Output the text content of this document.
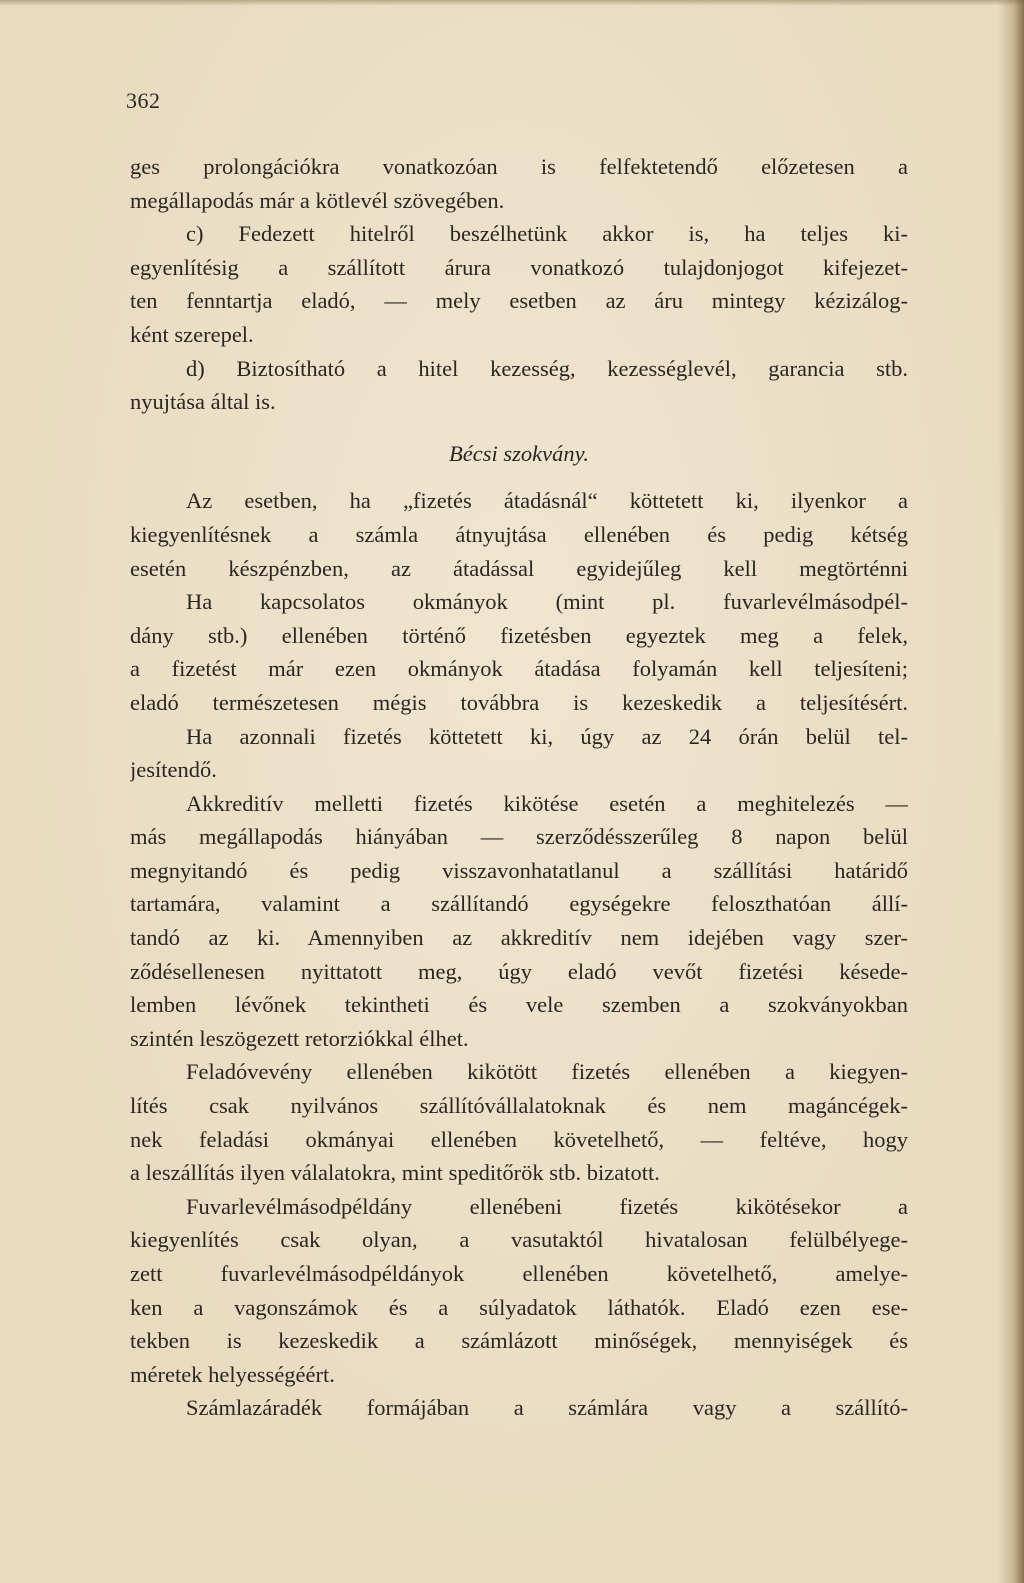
362
ges prolongációkra vonatkozóan is felfektetendő előzetesen a
megállapodás már a kötlevél szövegében.
c) Fedezett hitelről beszélhetünk akkor is, ha teljes ki-
egyenlítésig a szállított árura vonatkozó tulajdonjogot kifejezet-
ten fenntartja eladó, — mely esetben az áru mintegy kézizálog-
ként szerepel.
d) Biztosítható a hitel kezesség, kezességlevél, garancia stb.
nyujtása által is.
Bécsi szokvány.
Az esetben, ha „fizetés átadásnál“ köttetett ki, ilyenkor a
kiegyenlítésnek a számla átnyujtása ellenében és pedig kétség
esetén készpénzben, az átadással egyidejűleg kell megtörténni
Ha kapcsolatos okmányok (mint pl. fuvarlevélmásodpél-
dány stb.) ellenében történő fizetésben egyeztek meg a felek,
a fizetést már ezen okmányok átadása folyamán kell teljesíteni;
eladó természetesen mégis továbbra is kezeskedik a teljesítésért.
Ha azonnali fizetés köttetett ki, úgy az 24 órán belül tel-
jesítendő.
Akkreditív melletti fizetés kikötése esetén a meghitelezés —
más megállapodás hiányában — szerződésszerűleg 8 napon belül
megnyitandó és pedig visszavonhatatlanul a szállítási határidő
tartamára, valamint a szállítandó egységekre feloszthatóan állí-
tandó az ki. Amennyiben az akkreditív nem idejében vagy szer-
ződésellenesen nyittatott meg, úgy eladó vevőt fizetési késede-
lemben lévőnek tekintheti és vele szemben a szokványokban
szintén leszögezett retorziókkal élhet.
Feladóvevény ellenében kikötött fizetés ellenében a kiegyen-
lítés csak nyilvános szállítóvállalatoknak és nem magáncégek-
nek feladási okmányai ellenében követelhető, — feltéve, hogy
a leszállítás ilyen válalatokra, mint speditőrök stb. bizatott.
Fuvarlevélmásodpéldány ellenébeni fizetés kikötésekor a
kiegyenlítés csak olyan, a vasutaktól hivatalosan felülbélyege-
zett fuvarlevélmásodpéldányok ellenében követelhető, amelye-
ken a vagonszámok és a súlyadatok láthatók. Eladó ezen ese-
tekben is kezeskedik a számlázott minőségek, mennyiségek és
méretek helyességéért.
Számlazáradék formájában a számlára vagy a szállító-
